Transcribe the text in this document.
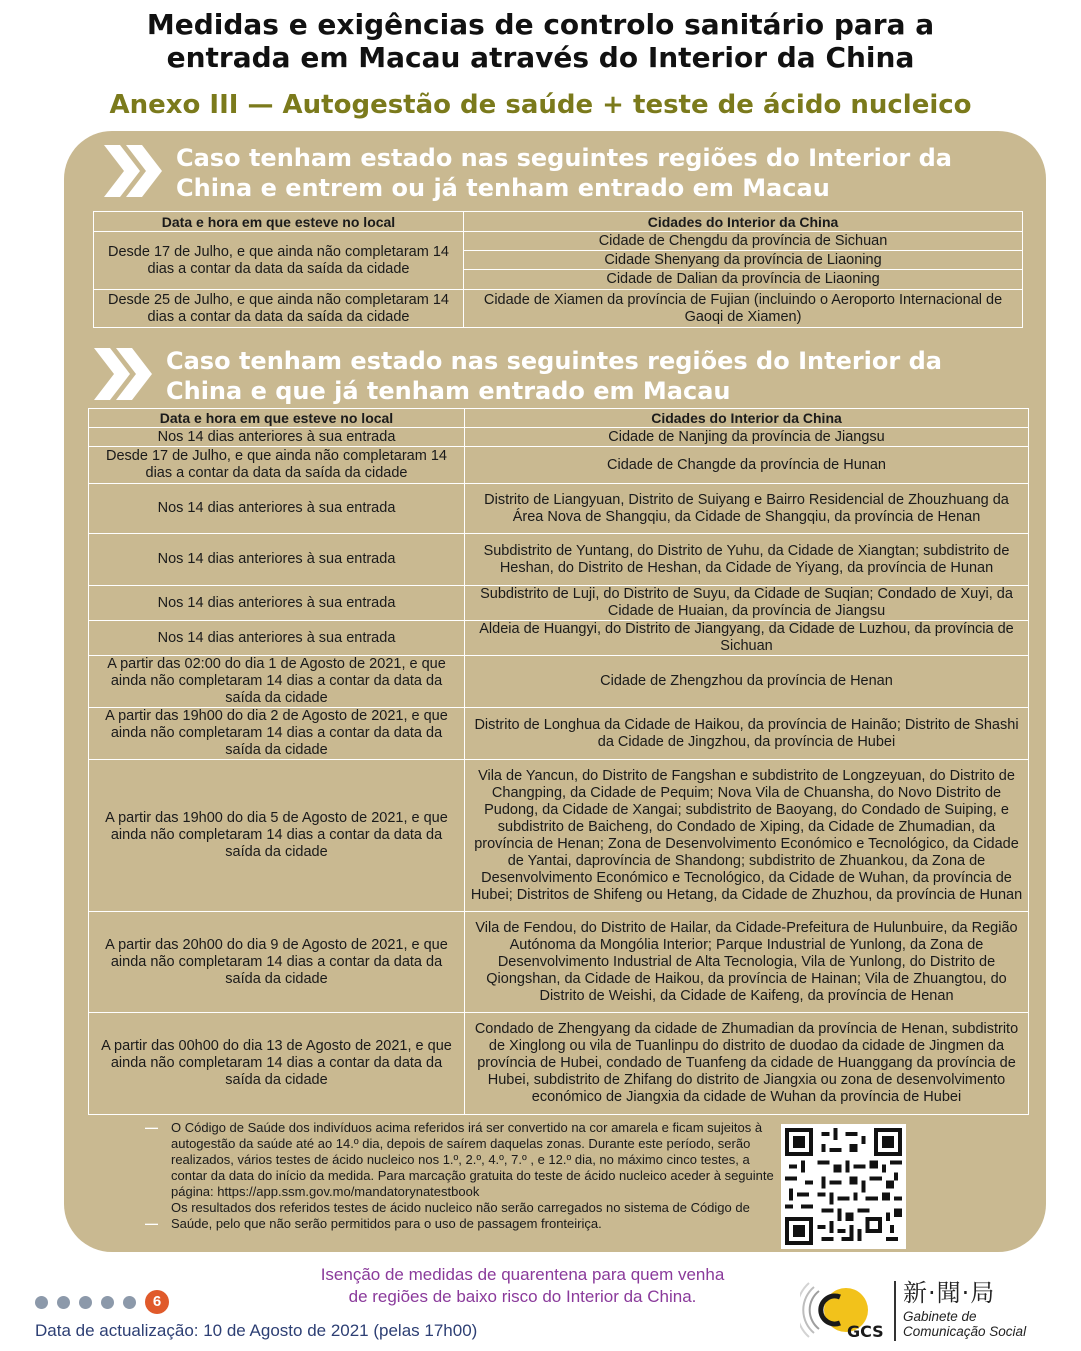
Medidas e exigências de controlo sanitário para a
entrada em Macau através do Interior da China
Anexo III — Autogestão de saúde + teste de ácido nucleico
Caso tenham estado nas seguintes regiões do Interior da
China e entrem ou já tenham entrado em Macau
Data e hora em que esteve no local	Cidades do Interior da China
Desde 17 de Julho, e que ainda não completaram 14 dias a contar da data da saída da cidade	Cidade de Chengdu da província de Sichuan
	Cidade Shenyang da província de Liaoning
	Cidade de Dalian da província de Liaoning
Desde 25 de Julho, e que ainda não completaram 14 dias a contar da data da saída da cidade	Cidade de Xiamen da província de Fujian (incluindo o Aeroporto Internacional de Gaoqi de Xiamen)
Caso tenham estado nas seguintes regiões do Interior da
China e que já tenham entrado em Macau
Data e hora em que esteve no local	Cidades do Interior da China
Nos 14 dias anteriores à sua entrada	Cidade de Nanjing da província de Jiangsu
Desde 17 de Julho, e que ainda não completaram 14 dias a contar da data da saída da cidade	Cidade de Changde da província de Hunan
Nos 14 dias anteriores à sua entrada	Distrito de Liangyuan, Distrito de Suiyang e Bairro Residencial de Zhouzhuang da Área Nova de Shangqiu, da Cidade de Shangqiu, da província de Henan
Nos 14 dias anteriores à sua entrada	Subdistrito de Yuntang, do Distrito de Yuhu, da Cidade de Xiangtan; subdistrito de Heshan, do Distrito de Heshan, da Cidade de Yiyang, da província de Hunan
Nos 14 dias anteriores à sua entrada	Subdistrito de Luji, do Distrito de Suyu, da Cidade de Suqian; Condado de Xuyi, da Cidade de Huaian, da província de Jiangsu
Nos 14 dias anteriores à sua entrada	Aldeia de Huangyi, do Distrito de Jiangyang, da Cidade de Luzhou, da província de Sichuan
A partir das 02:00 do dia 1 de Agosto de 2021, e que ainda não completaram 14 dias a contar da data da saída da cidade	Cidade de Zhengzhou da província de Henan
A partir das 19h00 do dia 2 de Agosto de 2021, e que ainda não completaram 14 dias a contar da data da saída da cidade	Distrito de Longhua da Cidade de Haikou, da província de Hainão; Distrito de Shashi da Cidade de Jingzhou, da província de Hubei
A partir das 19h00 do dia 5 de Agosto de 2021, e que ainda não completaram 14 dias a contar da data da saída da cidade	Vila de Yancun, do Distrito de Fangshan e subdistrito de Longzeyuan, do Distrito de Changping, da Cidade de Pequim; Nova Vila de Chuansha, do Novo Distrito de Pudong, da Cidade de Xangai; subdistrito de Baoyang, do Condado de Suiping, e subdistrito de Baicheng, do Condado de Xiping, da Cidade de Zhumadian, da província de Henan; Zona de Desenvolvimento Económico e Tecnológico, da Cidade de Yantai, daprovíncia de Shandong; subdistrito de Zhuankou, da Zona de Desenvolvimento Económico e Tecnológico, da Cidade de Wuhan, da província de Hubei; Distritos de Shifeng ou Hetang, da Cidade de Zhuzhou, da província de Hunan
A partir das 20h00 do dia 9 de Agosto de 2021, e que ainda não completaram 14 dias a contar da data da saída da cidade	Vila de Fendou, do Distrito de Hailar, da Cidade-Prefeitura de Hulunbuire, da Região Autónoma da Mongólia Interior; Parque Industrial de Yunlong, da Zona de Desenvolvimento Industrial de Alta Tecnologia, Vila de Yunlong, do Distrito de Qiongshan, da Cidade de Haikou, da província de Hainan; Vila de Zhuangtou, do Distrito de Weishi, da Cidade de Kaifeng, da província de Henan
A partir das 00h00 do dia 13 de Agosto de 2021, e que ainda não completaram 14 dias a contar da data da saída da cidade	Condado de Zhengyang da cidade de Zhumadian da província de Henan, subdistrito de Xinglong ou vila de Tuanlinpu do distrito de duodao da cidade de Jingmen da província de Hubei, condado de Tuanfeng da cidade de Huanggang da província de Hubei, subdistrito de Zhifang do distrito de Jiangxia ou zona de desenvolvimento económico de Jiangxia da cidade de Wuhan da província de Hubei
— O Código de Saúde dos indivíduos acima referidos irá ser convertido na cor amarela e ficam sujeitos à autogestão da saúde até ao 14.º dia, depois de saírem daquelas zonas. Durante este período, serão realizados, vários testes de ácido nucleico nos 1.º, 2.º, 4.º, 7.º , e 12.º dia, no máximo cinco testes, a contar da data do início da medida. Para marcação gratuita do teste de ácido nucleico aceder à seguinte página: https://app.ssm.gov.mo/mandatorynatestbook
—
Os resultados dos referidos testes de ácido nucleico não serão carregados no sistema de Código de Saúde, pelo que não serão permitidos para o uso de passagem fronteiriça.
Isenção de medidas de quarentena para quem venha
de regiões de baixo risco do Interior da China.
6
Data de actualização: 10 de Agosto de 2021 (pelas 17h00)	GCS
新·聞·局
Gabinete de
Comunicação Social
